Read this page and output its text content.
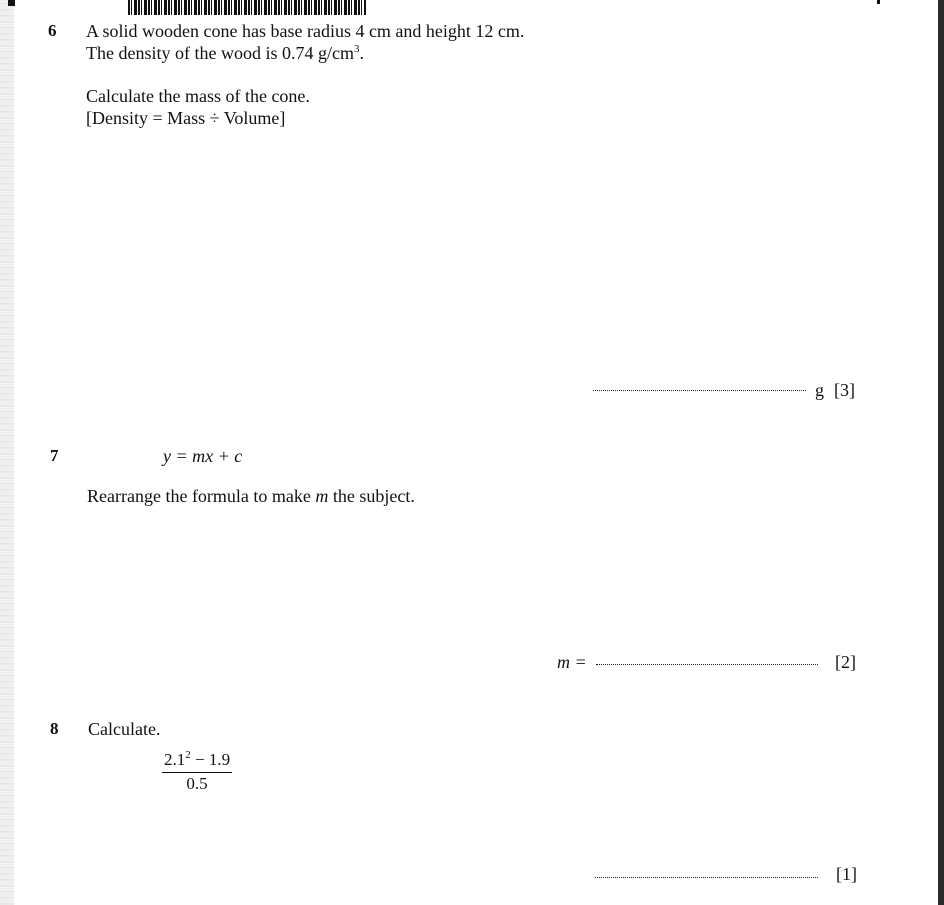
6 A solid wooden cone has base radius 4 cm and height 12 cm.
The density of the wood is 0.74 $g/cm^3$.
Calculate the mass of the cone.
[Density = Mass ÷ Volume]
g [3]
7	y = mx + c
Rearrange the formula to make m the subject.
m =	[2]
8 Calculate.
$\frac{2.1^2 - 1.9}{0.5}$
[1]
